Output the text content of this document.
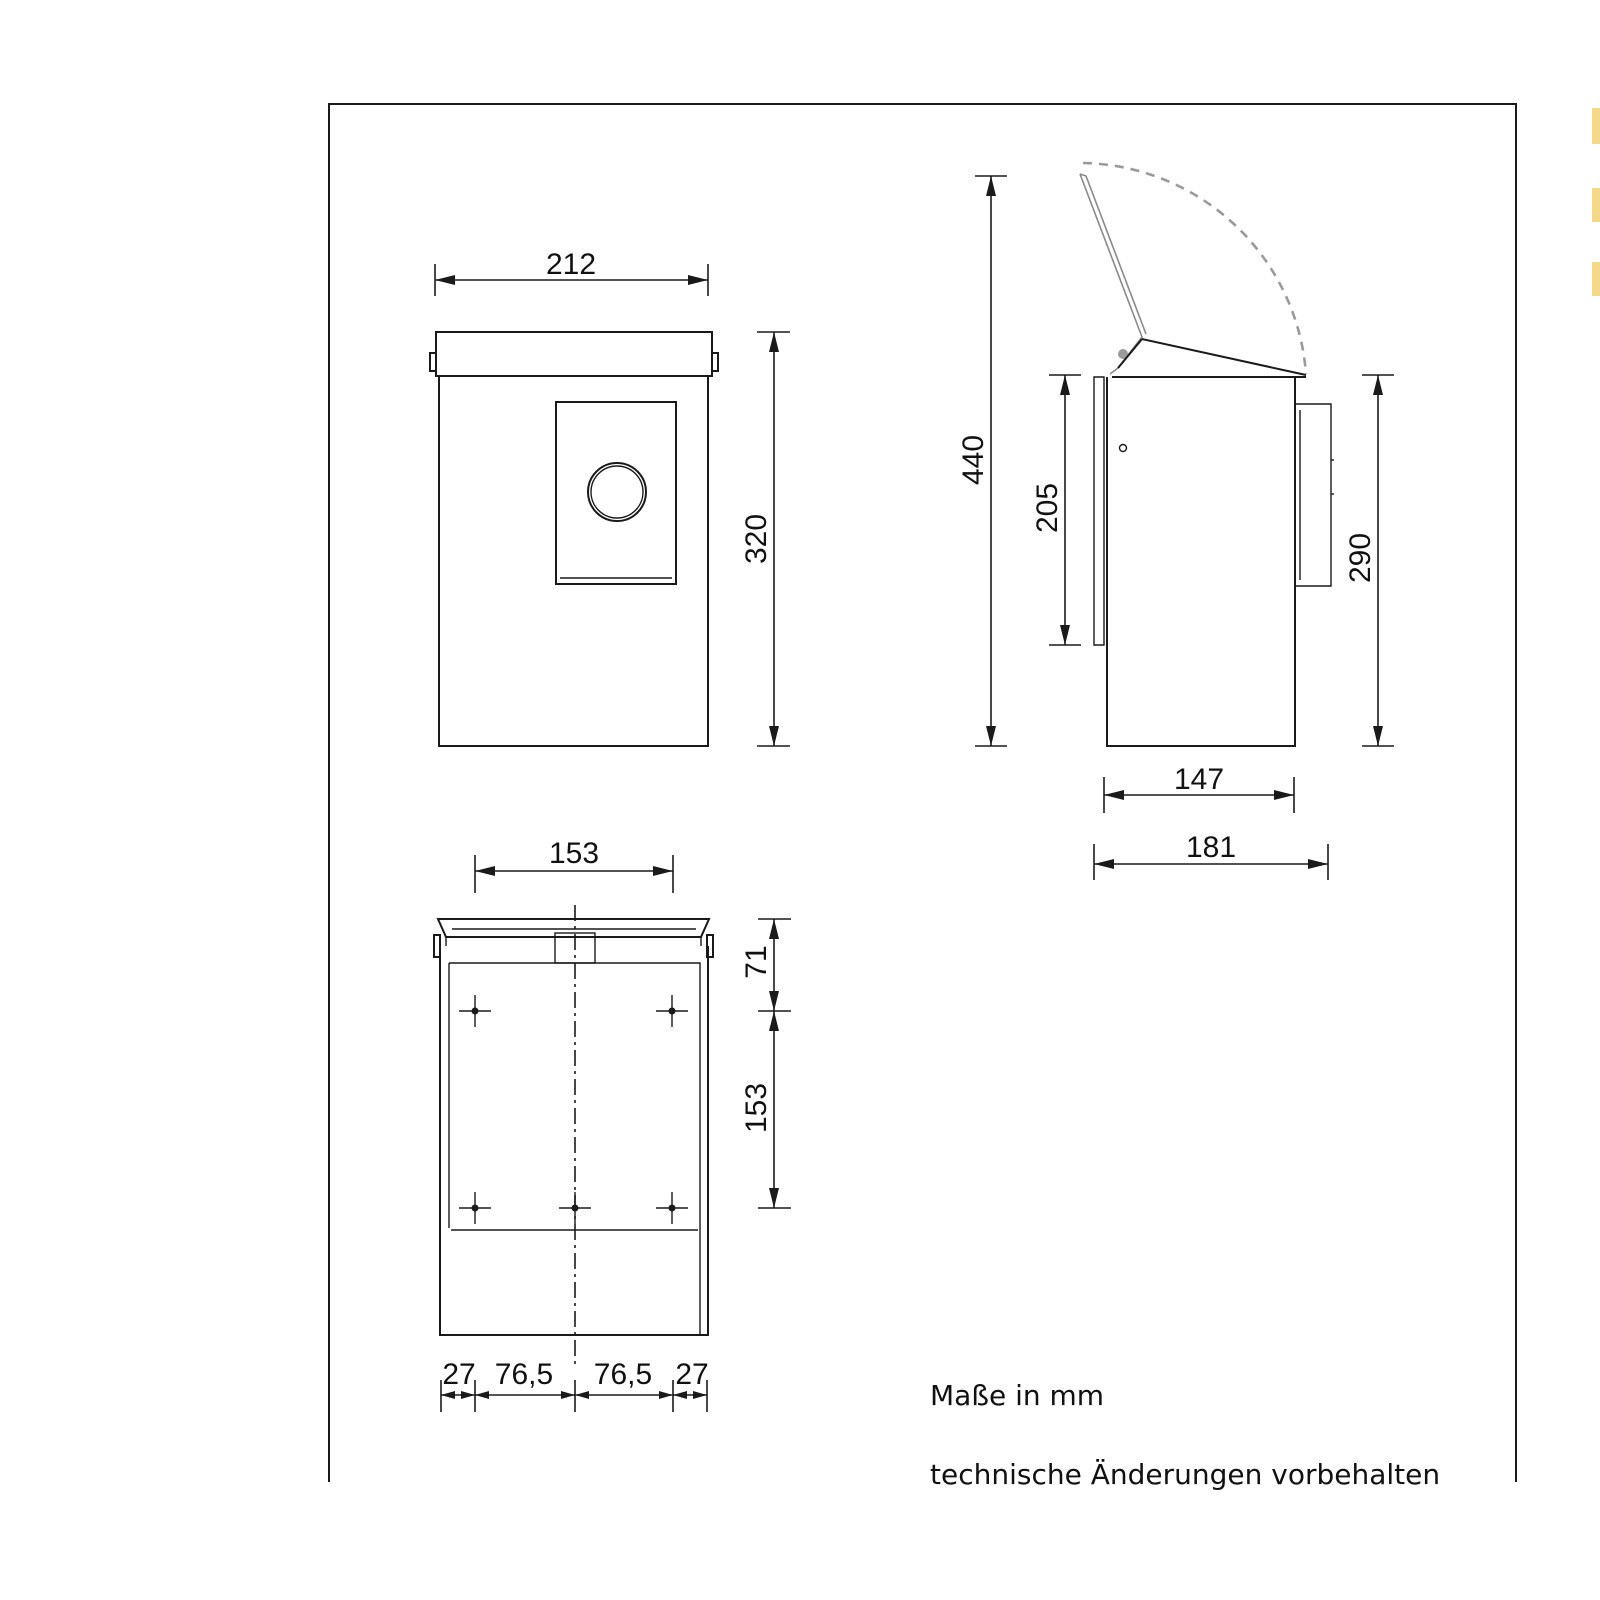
212
320
440
205
290
147
181
153
71
153
27 76,5 76,5 27
Maße in mm
technische Änderungen vorbehalten
